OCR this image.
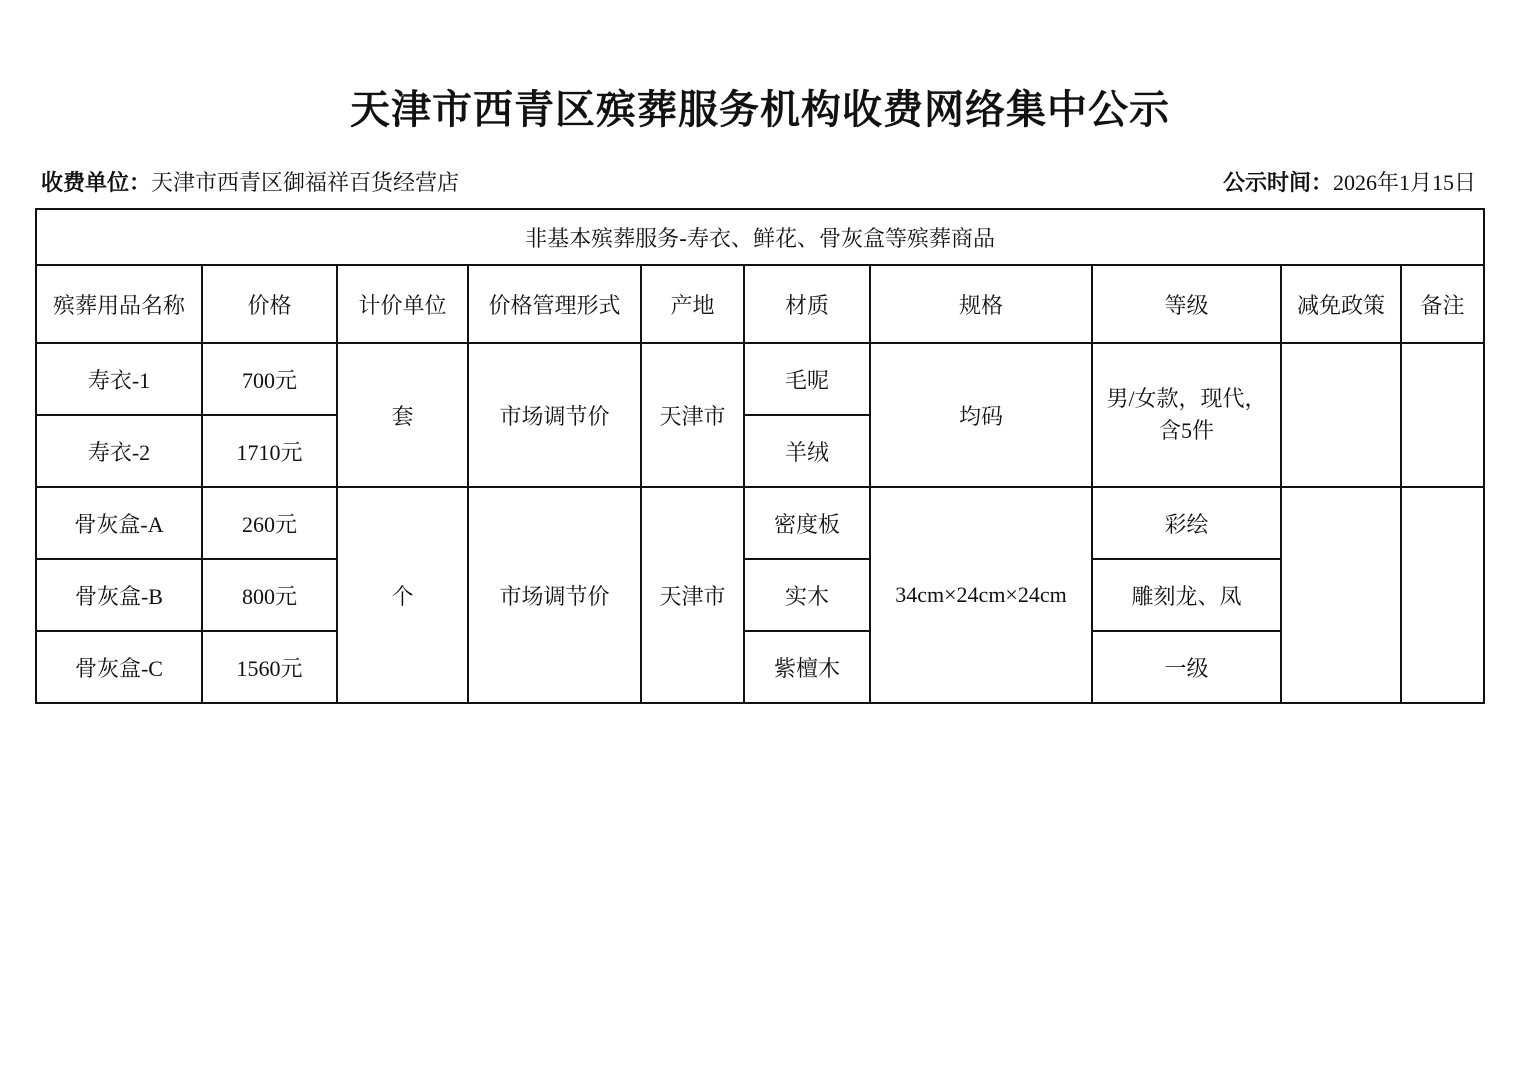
天津市西青区殡葬服务机构收费网络集中公示
收费单位：天津市西青区御福祥百货经营店	公示时间：2026年1月15日
非基本殡葬服务-寿衣、鲜花、骨灰盒等殡葬商品									
殡葬用品名称	价格	计价单位	价格管理形式	产地	材质	规格	等级	减免政策	备注
寿衣-1	700元	套	市场调节价	天津市	毛呢	均码	男/女款，现代，含5件		
寿衣-2	1710元				羊绒				
骨灰盒-A	260元	个	市场调节价	天津市	密度板	34cm×24cm×24cm	彩绘		
骨灰盒-B	800元				实木		雕刻龙、凤		
骨灰盒-C	1560元				紫檀木		一级		
